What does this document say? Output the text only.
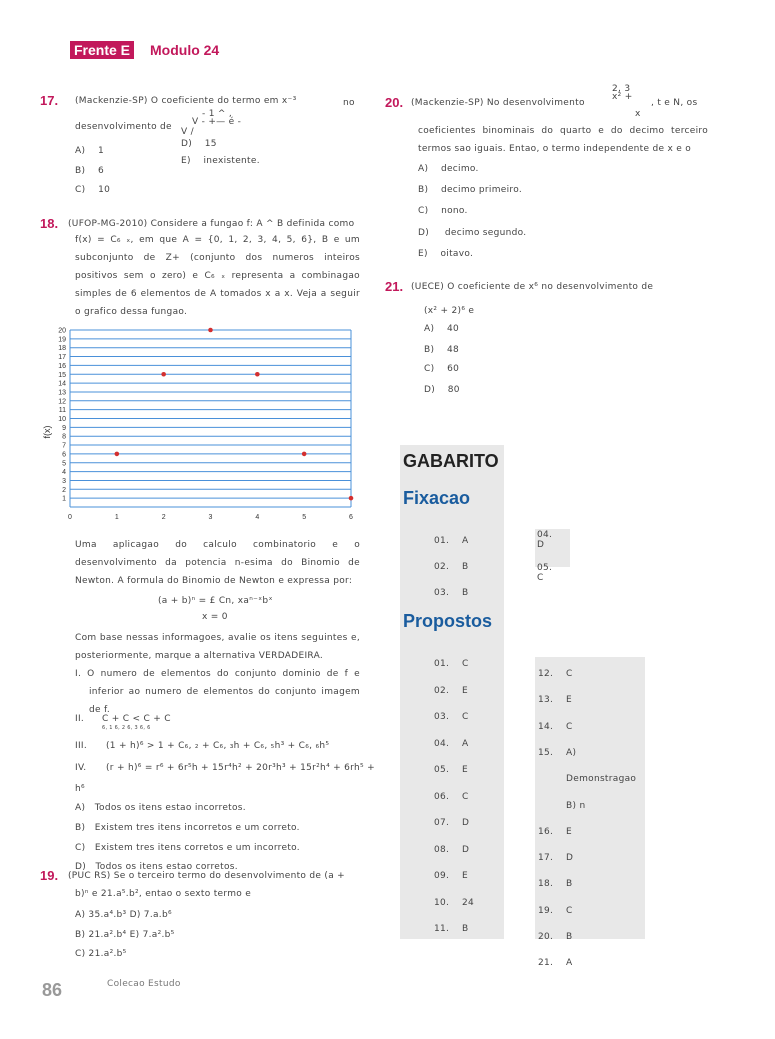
Frente E Modulo 24
17. (Mackenzie-SP) O coeficiente do termo em x⁻³	no
- 1 ^ ,
desenvolvimento de V - +— é -
V /
A) 1
B) 6
C) 10
D) 15
E) inexistente.
18. (UFOP-MG-2010) Considere a fungao f: A ^ B definida como
f(x) = C₆ ₓ, em que A = {0, 1, 2, 3, 4, 5, 6}, B e um subconjunto de Z+ (conjunto dos numeros inteiros positivos sem o zero) e C₆ ₓ representa a combinagao simples de 6 elementos de A tomados x a x. Veja a seguir o grafico dessa fungao.
1
2
3
4
5
6
7
8
9
10
11
12
13
14
15
16
17
18
19
20
0	1	2	3	4	5	6
f(x)
Uma aplicagao do calculo combinatorio e o desenvolvimento da potencia n-esima do Binomio de Newton. A formula do Binomio de Newton e expressa por:
(a + b)ⁿ = £ Cn, xaⁿ⁻ˣbˣ
x = 0
Com base nessas informagoes, avalie os itens seguintes e, posteriormente, marque a alternativa VERDADEIRA.
I. O numero de elementos do conjunto dominio de f e inferior ao numero de elementos do conjunto imagem de f.
II. C + C < C + C
6, 1 6, 2 6, 3 6, 6
III. (1 + h)⁶ > 1 + C₆, ₂ + C₆, ₃h + C₆, ₅h³ + C₆, ₆h⁵
IV. (r + h)⁶ = r⁶ + 6r⁵h + 15r⁴h² + 20r³h³ + 15r²h⁴ + 6rh⁵ +
h⁶
A) Todos os itens estao incorretos.
B) Existem tres itens incorretos e um correto.
C) Existem tres itens corretos e um incorreto.
D) Todos os itens estao corretos.
19. (PUC RS) Se o terceiro termo do desenvolvimento de (a +
b)ⁿ e 21.a⁵.b², entao o sexto termo e
A) 35.a⁴.b³ D) 7.a.b⁶
B) 21.a².b⁴ E) 7.a².b⁵
C) 21.a².b⁵
20. (Mackenzie-SP) No desenvolvimento
2, 3
x² +
x
, t e N, os
coeficientes binominais do quarto e do decimo terceiro termos sao iguais. Entao, o termo independente de x e o
A) decimo.
B) decimo primeiro.
C) nono.
D) decimo segundo.
E) oitavo.
21. (UECE) O coeficiente de x⁶ no desenvolvimento de
(x² + 2)⁶ e
A) 40
B) 48
C) 60
D) 80
GABARITO
Fixacao
Propostos
01. A
02. B
03. B
04.
D
05.
C
01. C
02. E
03. C
04. A
05. E
06. C
07. D
08. D
09. E
10. 24
11. B
12. C
13. E
14. C
15. A)
Demonstragao
B) n
16. E
17. D
18. B
19. C
20. B
21. A
86	Colecao Estudo
